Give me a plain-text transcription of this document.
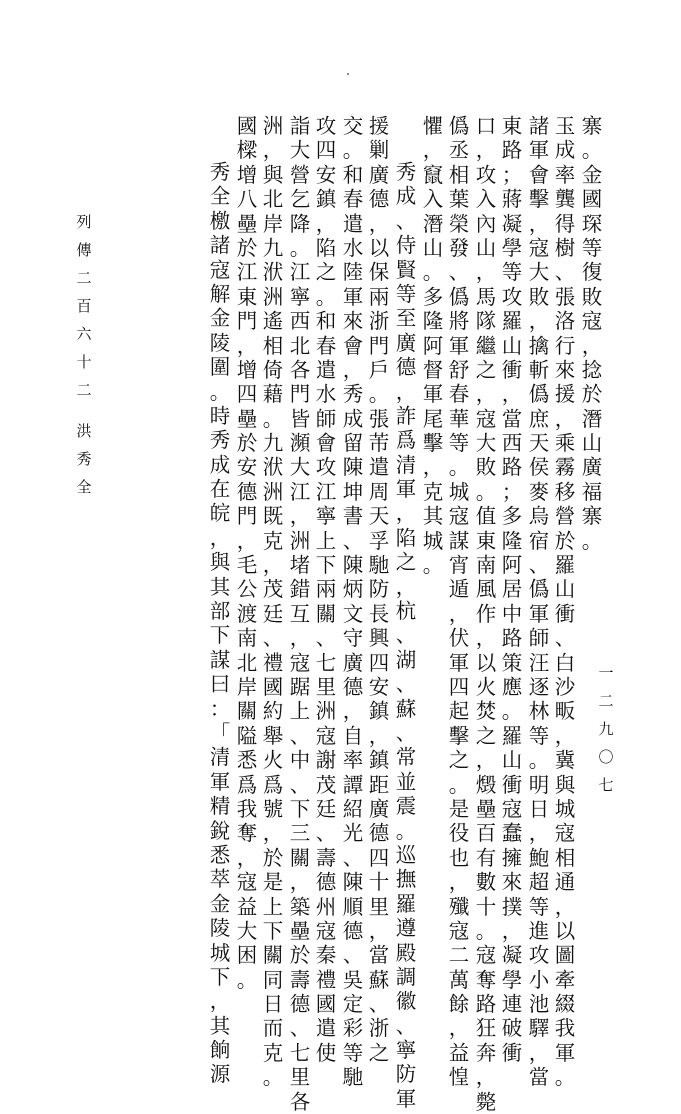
寨
。
金
國
琛
等
復
敗
寇
，
捻
於
潛
山
廣
福
寨
。
玉
成
率
龔
得
樹
、
張
洛
行
來
援
，
乘
霧
移
營
於
羅
山
衝
、
白
沙
畈
，
冀
與
城
寇
相
通
，
以
圖
牽
綴
我
軍
。
諸
軍
會
擊
，
寇
大
敗
，
擒
斬
僞
庶
天
侯
麥
烏
宿
、
僞
軍
師
汪
逐
林
等
。
明
日
，
鮑
超
等
進
攻
小
池
驛
，
當
東
路
；
蔣
凝
學
等
攻
羅
山
衝
，
當
西
路
；
多
隆
阿
居
中
路
策
應
。
羅
山
衝
寇
蠢
擁
來
撲
，
凝
學
連
破
衝
口
，
攻
入
內
山
，
馬
隊
繼
之
，
寇
大
敗
。
值
東
南
風
作
，
以
火
焚
之
，
燬
壘
百
有
數
十
。
寇
奪
路
狂
奔
，
斃
僞
丞
相
葉
榮
發
、
僞
將
軍
舒
春
華
等
。
城
寇
謀
宵
遁
，
伏
軍
四
起
擊
之
。
是
役
也
，
殲
寇
二
萬
餘
，
益
惶
懼
，
竄
入
潛
山
。
多
隆
阿
督
軍
尾
擊
，
克
其
城
。
秀
成
、
侍
賢
等
至
廣
德
，
詐
爲
清
軍
，
陷
之
，
杭
、
湖
、
蘇
、
常
並
震
。
巡
撫
羅
遵
殿
調
徽
、
寧
防
軍
援
剿
廣
德
，
以
保
兩
浙
門
戶
。
張
芾
遣
周
天
孚
馳
防
長
興
四
安
鎮
，
鎮
距
廣
德
四
十
里
，
當
蘇
、
浙
之
交
。
和
春
遣
水
陸
軍
來
會
，
秀
成
留
陳
坤
書
、
陳
炳
文
守
廣
德
，
自
率
譚
紹
光
、
陳
順
德
、
吳
定
彩
等
馳
攻
四
安
鎮
，
陷
之
。
和
春
遣
水
師
會
攻
江
寧
上
下
兩
關
、
七
里
洲
寇
謝
茂
廷
、
壽
德
州
寇
秦
禮
國
遣
使
詣
大
營
乞
降
。
江
寧
西
北
各
門
皆
瀕
大
江
，
洲
堵
錯
互
，
寇
踞
上
、
中
、
下
三
關
，
築
壘
於
壽
德
、
七
里
各
洲
，
與
北
岸
九
洑
洲
遙
相
倚
藉
。
九
洑
洲
既
克
，
茂
廷
、
禮
國
約
舉
火
爲
號
，
於
是
上
下
關
同
日
而
克
。
國
樑
增
八
壘
於
江
東
門
，
增
四
壘
於
安
德
門
，
毛
公
渡
南
北
岸
關
隘
悉
爲
我
奪
，
寇
益
大
困
。
秀
全
檄
諸
寇
解
金
陵
圍
。
時
秀
成
在
皖
，
與
其
部
下
謀
曰
：
「
清
軍
精
銳
悉
萃
金
陵
城
下
，
其
餉
源
列
傳
二
百
六
十
二
洪
秀
全
一
二
九
〇
七
